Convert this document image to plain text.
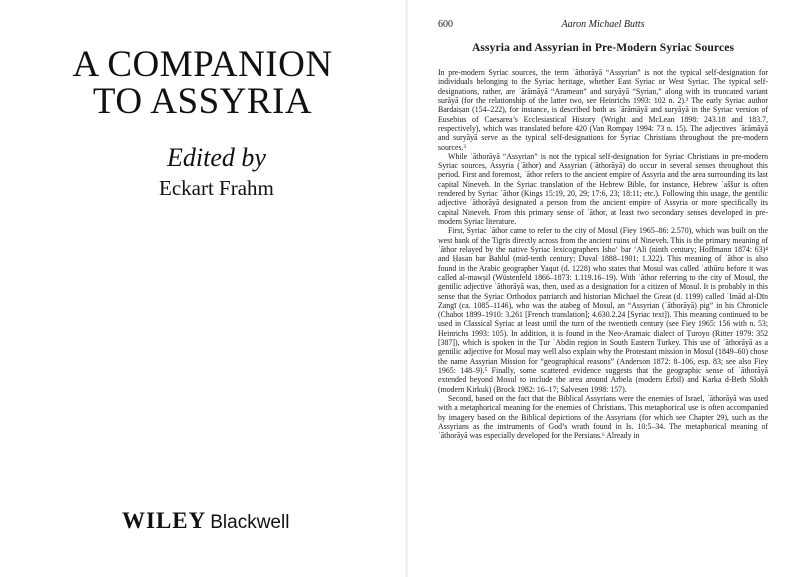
A COMPANION
TO ASSYRIA
Edited by
Eckart Frahm
WILEY Blackwell
600	Aaron Michael Butts
Assyria and Assyrian in Pre-Modern Syriac Sources

In pre-modern Syriac sources, the term ʾāthorāyā “Assyrian” is not the typical self-designation for individuals belonging to the Syriac heritage, whether East Syriac or West Syriac. The typical self-designations, rather, are ʾārāmāyā “Aramean” and suryāyā “Syrian,” along with its truncated variant surāyā (for the relationship of the latter two, see Heinrichs 1993: 102 n. 2).² The early Syriac author Bardaiṣan (154–222), for instance, is described both as ʾārāmāyā and suryāyā in the Syriac version of Eusebius of Caesarea’s Ecclesiastical History (Wright and McLean 1898: 243.18 and 183.7, respectively), which was translated before 420 (Van Rompay 1994: 73 n. 15). The adjectives ʾārāmāyā and suryāyā serve as the typical self-designations for Syriac Christians throughout the pre-modern sources.³

While ʾāthorāyā “Assyrian” is not the typical self-designation for Syriac Christians in pre-modern Syriac sources, Assyria (ʾāthor) and Assyrian (ʾāthorāyā) do occur in several senses throughout this period. First and foremost, ʾāthor refers to the ancient empire of Assyria and the area surrounding its last capital Nineveh. In the Syriac translation of the Hebrew Bible, for instance, Hebrew ʾaššur is often rendered by Syriac ʾāthor (Kings 15:19, 20, 29; 17:6, 23; 18:11; etc.). Following this usage, the gentilic adjective ʾāthorāyā designated a person from the ancient empire of Assyria or more specifically its capital Nineveh. From this primary sense of ʾāthor, at least two secondary senses developed in pre-modern Syriac literature.

First, Syriac ʾāthor came to refer to the city of Mosul (Fiey 1965–86: 2.570), which was built on the west bank of the Tigris directly across from the ancient ruins of Nineveh. This is the primary meaning of ʾāthor relayed by the native Syriac lexicographers Isho‘ bar ‘Ali (ninth century; Hoffmann 1874: 63)⁴ and Ḥasan bar Bahlul (mid-tenth century; Duval 1888–1901: 1.322). This meaning of ʾāthor is also found in the Arabic geographer Yaqut (d. 1228) who states that Mosul was called ʾathūru before it was called al-mawṣil (Wüstenfeld 1866–1873: 1.119.16–19). With ʾāthor referring to the city of Mosul, the gentilic adjective ʾāthorāyā was, then, used as a designation for a citizen of Mosul. It is probably in this sense that the Syriac Orthodox patriarch and historian Michael the Great (d. 1199) called ʿImād al-Dīn Zangī (ca. 1085–1146), who was the atabeg of Mosul, an “Assyrian (ʾāthorāyā) pig” in his Chronicle (Chabot 1899–1910: 3.261 [French translation]; 4.630.2.24 [Syriac text]). This meaning continued to be used in Classical Syriac at least until the turn of the twentieth century (see Fiey 1965: 156 with n. 53; Heinrichs 1993: 105). In addition, it is found in the Neo-Aramaic dialect of Ṭuroyo (Ritter 1979: 352 [387]), which is spoken in the Ṭur ʿAbdin region in South Eastern Turkey. This use of ʾāthorāyā as a gentilic adjective for Mosul may well also explain why the Protestant mission in Mosul (1849–60) chose the name Assyrian Mission for “geographical reasons” (Anderson 1872: 8–106, esp. 83; see also Fiey 1965: 148–9).⁵ Finally, some scattered evidence suggests that the geographic sense of ʾāthorāyā extended beyond Mosul to include the area around Arbela (modern Erbil) and Karka d-Beth Slokh (modern Kirkuk) (Brock 1982: 16–17; Salvesen 1998: 157).

Second, based on the fact that the Biblical Assyrians were the enemies of Israel, ʾāthorāyā was used with a metaphorical meaning for the enemies of Christians. This metaphorical use is often accompanied by imagery based on the Biblical depictions of the Assyrians (for which see Chapter 29), such as the Assyrians as the instruments of God’s wrath found in Is. 10:5–34. The metaphorical meaning of ʾāthorāyā was especially developed for the Persians.⁶ Already in
